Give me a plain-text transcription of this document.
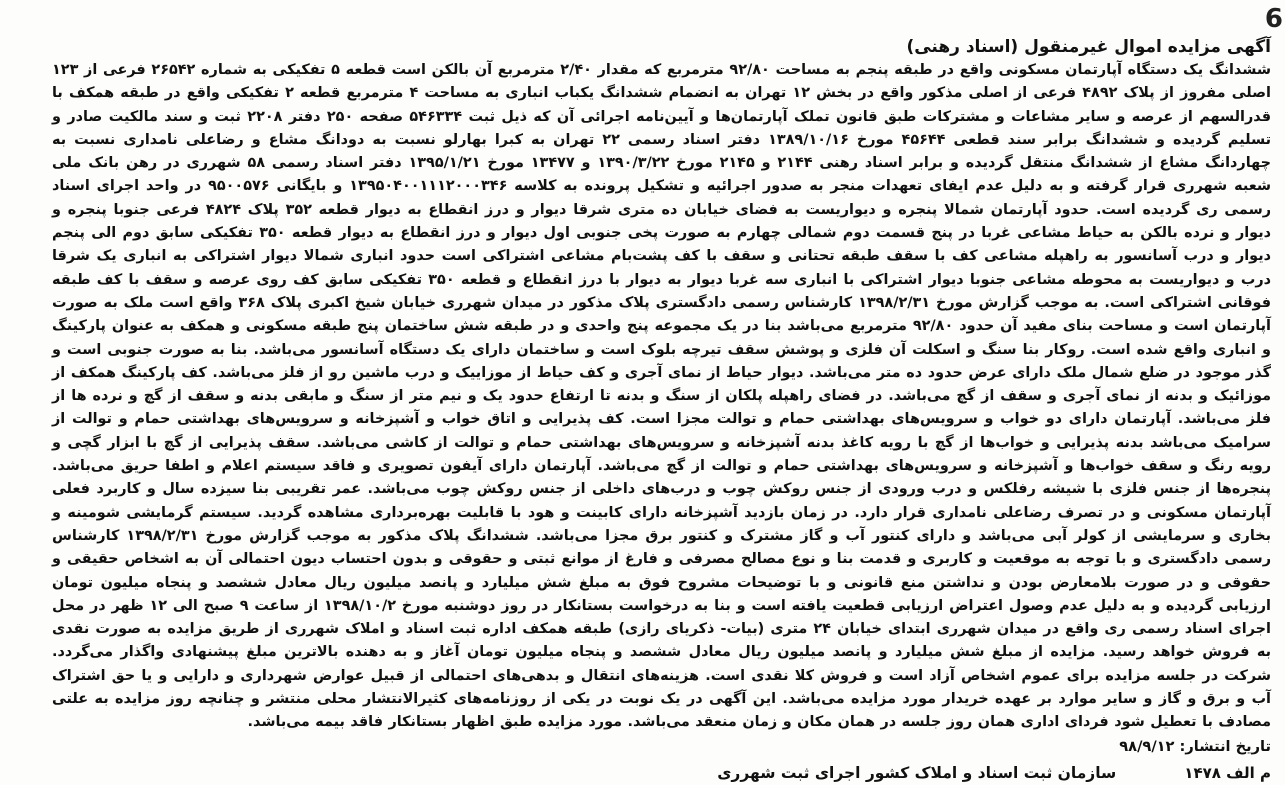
6
آگهی مزایده اموال غیرمنقول (اسناد رهنی)

ششدانگ یک دستگاه آپارتمان مسکونی واقع در طبقه پنجم به مساحت ۹۲/۸۰ مترمربع که مقدار ۲/۴۰ مترمربع آن بالکن است قطعه ۵ تفکیکی به شماره ۲۶۵۴۲ فرعی از ۱۲۳ اصلی مفروز از پلاک ۴۸۹۲ فرعی از اصلی مذکور واقع در بخش ۱۲ تهران به انضمام ششدانگ یکباب انباری به مساحت ۴ مترمربع قطعه ۲ تفکیکی واقع در طبقه همکف با قدرالسهم از عرصه و سایر مشاعات و مشترکات طبق قانون تملک آپارتمان‌ها و آیین‌نامه اجرائی آن که ذیل ثبت ۵۴۶۳۳۴ صفحه ۲۵۰ دفتر ۲۲۰۸ ثبت و سند مالکیت صادر و تسلیم گردیده و ششدانگ برابر سند قطعی ۴۵۶۴۴ مورخ ۱۳۸۹/۱۰/۱۶ دفتر اسناد رسمی ۲۲ تهران به کبرا بهارلو نسبت به دودانگ مشاع و رضاعلی نامداری نسبت به چهاردانگ مشاع از ششدانگ منتقل گردیده و برابر اسناد رهنی ۲۱۴۴ و ۲۱۴۵ مورخ ۱۳۹۰/۳/۲۲ و ۱۳۴۷۷ مورخ ۱۳۹۵/۱/۲۱ دفتر اسناد رسمی ۵۸ شهرری در رهن بانک ملی شعبه شهرری قرار گرفته و به دلیل عدم ایفای تعهدات منجر به صدور اجرائیه و تشکیل پرونده به کلاسه ۱۳۹۵۰۴۰۰۱۱۱۲۰۰۰۳۴۶ و بایگانی ۹۵۰۰۵۷۶ در واحد اجرای اسناد رسمی ری گردیده است. حدود آپارتمان شمالا پنجره و دیواریست به فضای خیابان ده متری شرقا دیوار و درز انقطاع به دیوار قطعه ۳۵۲ پلاک ۴۸۲۴ فرعی جنوبا پنجره و دیوار و نرده بالکن به حیاط مشاعی غربا در پنج قسمت دوم شمالی چهارم به صورت پخی جنوبی اول دیوار و درز انقطاع به دیوار قطعه ۳۵۰ تفکیکی سابق دوم الی پنجم دیوار و درب آسانسور به راهپله مشاعی کف با سقف طبقه تحتانی و سقف با کف پشت‌بام مشاعی اشتراکی است حدود انباری شمالا دیوار اشتراکی به انباری یک شرقا درب و دیواریست به محوطه مشاعی جنوبا دیوار اشتراکی با انباری سه غربا دیوار به دیوار با درز انقطاع و قطعه ۳۵۰ تفکیکی سابق کف روی عرصه و سقف با کف طبقه فوقانی اشتراکی است. به موجب گزارش مورخ ۱۳۹۸/۲/۳۱ کارشناس رسمی دادگستری پلاک مذکور در میدان شهرری خیابان شیخ اکبری پلاک ۳۶۸ واقع است ملک به صورت آپارتمان است و مساحت بنای مفید آن حدود ۹۲/۸۰ مترمربع می‌باشد بنا در یک مجموعه پنج واحدی و در طبقه شش ساختمان پنج طبقه مسکونی و همکف به عنوان پارکینگ و انباری واقع شده است. روکار بنا سنگ و اسکلت آن فلزی و پوشش سقف تیرچه بلوک است و ساختمان دارای یک دستگاه آسانسور می‌باشد. بنا به صورت جنوبی است و گذر موجود در ضلع شمال ملک دارای عرض حدود ده متر می‌باشد. دیوار حیاط از نمای آجری و کف حیاط از موزاییک و درب ماشین رو از فلز می‌باشد. کف پارکینگ همکف از موزائیک و بدنه از نمای آجری و سقف از گچ می‌باشد. در فضای راهپله پلکان از سنگ و بدنه تا ارتفاع حدود یک و نیم متر از سنگ و مابقی بدنه و سقف از گچ و نرده ها از فلز می‌باشد. آپارتمان دارای دو خواب و سرویس‌های بهداشتی حمام و توالت مجزا است. کف پذیرایی و اتاق خواب و آشپزخانه و سرویس‌های بهداشتی حمام و توالت از سرامیک می‌باشد بدنه پذیرایی و خواب‌ها از گچ با رویه کاغذ بدنه آشپزخانه و سرویس‌های بهداشتی حمام و توالت از کاشی می‌باشد. سقف پذیرایی از گچ با ابزار گچی و رویه رنگ و سقف خواب‌ها و آشپزخانه و سرویس‌های بهداشتی حمام و توالت از گچ می‌باشد. آپارتمان دارای آیفون تصویری و فاقد سیستم اعلام و اطفا حریق می‌باشد. پنجره‌ها از جنس فلزی با شیشه رفلکس و درب ورودی از جنس روکش چوب و درب‌های داخلی از جنس روکش چوب می‌باشد. عمر تقریبی بنا سیزده سال و کاربرد فعلی آپارتمان مسکونی و در تصرف رضاعلی نامداری قرار دارد. در زمان بازدید آشپزخانه دارای کابینت و هود با قابلیت بهره‌برداری مشاهده گردید. سیستم گرمایشی شومینه و بخاری و سرمایشی از کولر آبی می‌باشد و دارای کنتور آب و گاز مشترک و کنتور برق مجزا می‌باشد. ششدانگ پلاک مذکور به موجب گزارش مورخ ۱۳۹۸/۲/۳۱ کارشناس رسمی دادگستری و با توجه به موقعیت و کاربری و قدمت بنا و نوع مصالح مصرفی و فارغ از موانع ثبتی و حقوقی و بدون احتساب دیون احتمالی آن به اشخاص حقیقی و حقوقی و در صورت بلامعارض بودن و نداشتن منع قانونی و با توضیحات مشروح فوق به مبلغ شش میلیارد و پانصد میلیون ریال معادل ششصد و پنجاه میلیون تومان ارزیابی گردیده و به دلیل عدم وصول اعتراض ارزیابی قطعیت یافته است و بنا به درخواست بستانکار در روز دوشنبه مورخ ۱۳۹۸/۱۰/۲ از ساعت ۹ صبح الی ۱۲ ظهر در محل اجرای اسناد رسمی ری واقع در میدان شهرری ابتدای خیابان ۲۴ متری (بیات- ذکریای رازی) طبقه همکف اداره ثبت اسناد و املاک شهرری از طریق مزایده به صورت نقدی به فروش خواهد رسید. مزایده از مبلغ شش میلیارد و پانصد میلیون ریال معادل ششصد و پنجاه میلیون تومان آغاز و به دهنده بالاترین مبلغ پیشنهادی واگذار می‌گردد. شرکت در جلسه مزایده برای عموم اشخاص آزاد است و فروش کلا نقدی است. هزینه‌های انتقال و بدهی‌های احتمالی از قبیل عوارض شهرداری و دارایی و یا حق اشتراک آب و برق و گاز و سایر موارد بر عهده خریدار مورد مزایده می‌باشد. این آگهی در یک نوبت در یکی از روزنامه‌های کثیرالانتشار محلی منتشر و چنانچه روز مزایده به علتی مصادف با تعطیل شود فردای اداری همان روز جلسه در همان مکان و زمان منعقد می‌باشد. مورد مزایده طبق اظهار بستانکار فاقد بیمه می‌باشد.

تاریخ انتشار: ۹۸/۹/۱۲
م الف ۱۴۷۸
سازمان ثبت اسناد و املاک کشور اجرای ثبت شهرری
